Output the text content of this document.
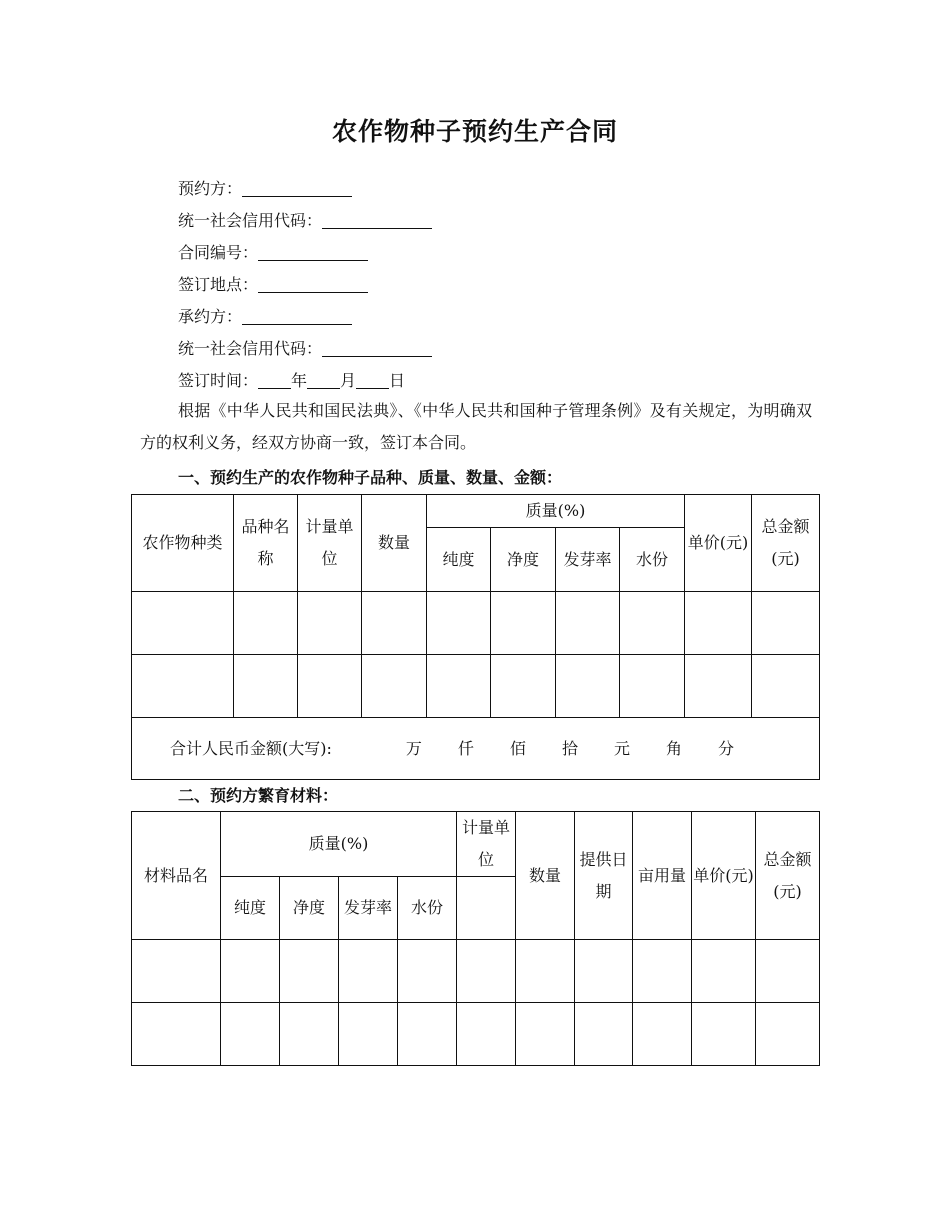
农作物种子预约生产合同
预约方：
统一社会信用代码：
合同编号：
签订地点：
承约方：
统一社会信用代码：
签订时间： 年 月 日

根据《中华人民共和国民法典》、《中华人民共和国种子管理条例》及有关规定，为明确双方的权利义务，经双方协商一致，签订本合同。

一、预约生产的农作物种子品种、质量、数量、金额：

农作物种类	品种名称	计量单位	数量	质量(%)				单价(元)	总金额(元)
				纯度	净度	发芽率	水份		

合计人民币金额(大写): 万 仟 佰 拾 元 角 分									

二、预约方繁育材料：

材料品名	质量(%)				计量单位	数量	提供日期	亩用量	单价(元)	总金额(元)
	纯度	净度	发芽率	水份						
